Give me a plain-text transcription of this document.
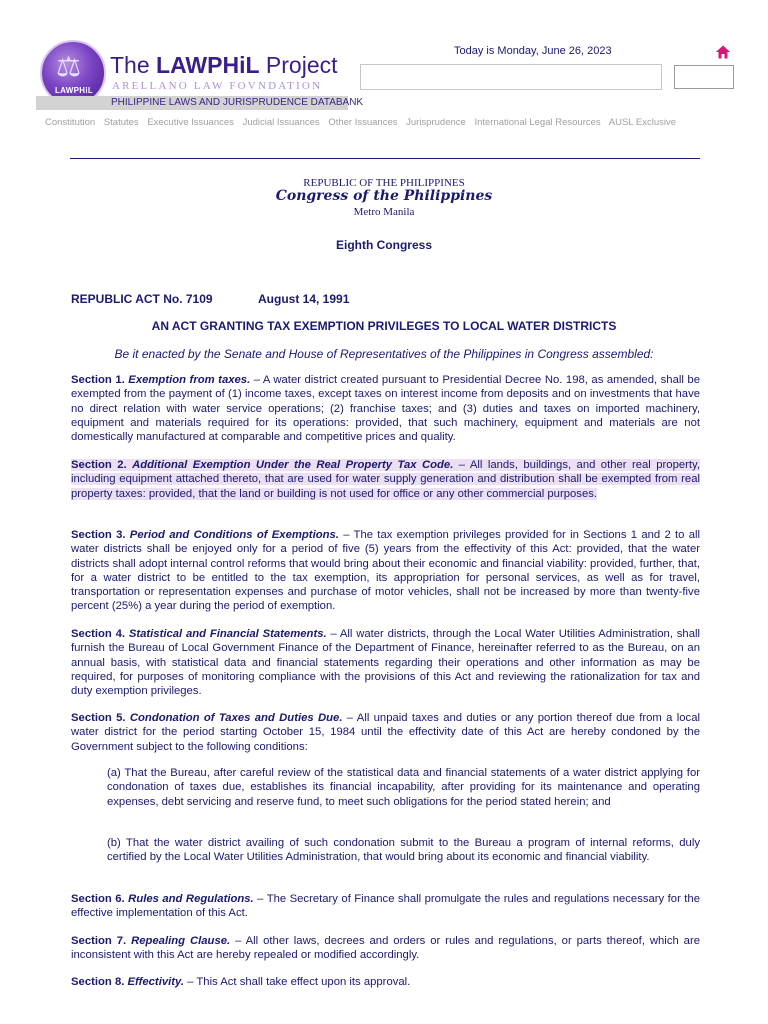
⚖
LAWPHiL
The LAWPHiL Project
ARELLANO LAW FOVNDATION
PHILIPPINE LAWS AND JURISPRUDENCE DATABANK
Today is Monday, June 26, 2023
Constitution Statutes Executive Issuances Judicial Issuances Other Issuances Jurisprudence International Legal Resources AUSL Exclusive
REPUBLIC OF THE PHILIPPINES
Congress of the Philippines
Metro Manila
Eighth Congress
REPUBLIC ACT No. 7109	August 14, 1991
AN ACT GRANTING TAX EXEMPTION PRIVILEGES TO LOCAL WATER DISTRICTS
Be it enacted by the Senate and House of Representatives of the Philippines in Congress assembled:
Section 1. Exemption from taxes. – A water district created pursuant to Presidential Decree No. 198, as amended, shall be exempted from the payment of (1) income taxes, except taxes on interest income from deposits and on investments that have no direct relation with water service operations; (2) franchise taxes; and (3) duties and taxes on imported machinery, equipment and materials required for its operations: provided, that such machinery, equipment and materials are not domestically manufactured at comparable and competitive prices and quality.
Section 2. Additional Exemption Under the Real Property Tax Code. – All lands, buildings, and other real property, including equipment attached thereto, that are used for water supply generation and distribution shall be exempted from real property taxes: provided, that the land or building is not used for office or any other commercial purposes.
Section 3. Period and Conditions of Exemptions. – The tax exemption privileges provided for in Sections 1 and 2 to all water districts shall be enjoyed only for a period of five (5) years from the effectivity of this Act: provided, that the water districts shall adopt internal control reforms that would bring about their economic and financial viability: provided, further, that, for a water district to be entitled to the tax exemption, its appropriation for personal services, as well as for travel, transportation or representation expenses and purchase of motor vehicles, shall not be increased by more than twenty-five percent (25%) a year during the period of exemption.
Section 4. Statistical and Financial Statements. – All water districts, through the Local Water Utilities Administration, shall furnish the Bureau of Local Government Finance of the Department of Finance, hereinafter referred to as the Bureau, on an annual basis, with statistical data and financial statements regarding their operations and other information as may be required, for purposes of monitoring compliance with the provisions of this Act and reviewing the rationalization for tax and duty exemption privileges.
Section 5. Condonation of Taxes and Duties Due. – All unpaid taxes and duties or any portion thereof due from a local water district for the period starting October 15, 1984 until the effectivity date of this Act are hereby condoned by the Government subject to the following conditions:
(a) That the Bureau, after careful review of the statistical data and financial statements of a water district applying for condonation of taxes due, establishes its financial incapability, after providing for its maintenance and operating expenses, debt servicing and reserve fund, to meet such obligations for the period stated herein; and
(b) That the water district availing of such condonation submit to the Bureau a program of internal reforms, duly certified by the Local Water Utilities Administration, that would bring about its economic and financial viability.
Section 6. Rules and Regulations. – The Secretary of Finance shall promulgate the rules and regulations necessary for the effective implementation of this Act.
Section 7. Repealing Clause. – All other laws, decrees and orders or rules and regulations, or parts thereof, which are inconsistent with this Act are hereby repealed or modified accordingly.
Section 8. Effectivity. – This Act shall take effect upon its approval.
